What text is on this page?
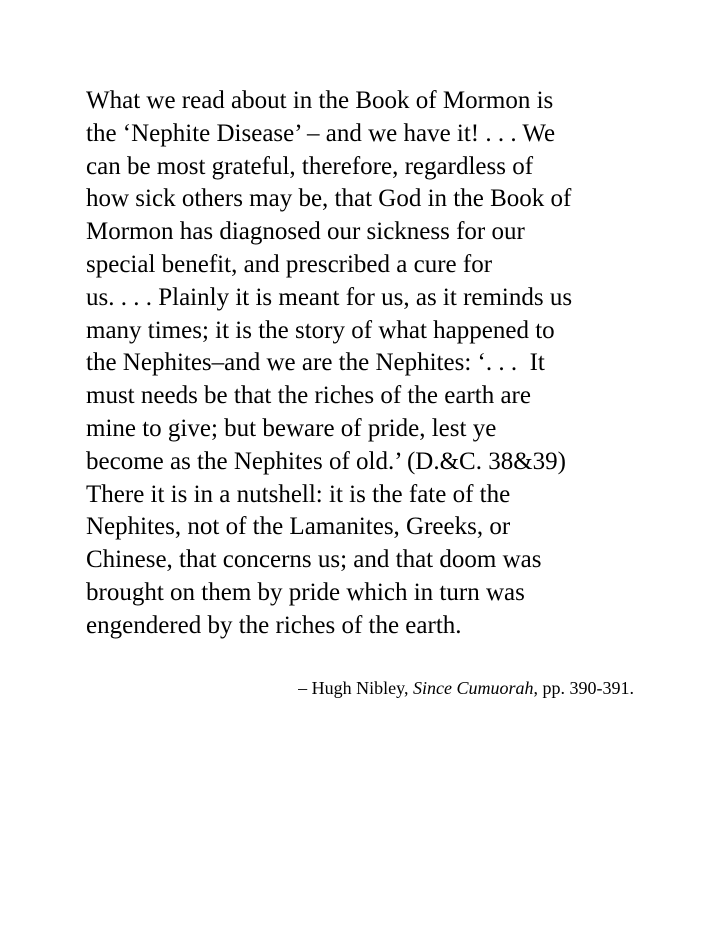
What we read about in the Book of Mormon is
the ‘Nephite Disease’ – and we have it! . . . We
can be most grateful, therefore, regardless of
how sick others may be, that God in the Book of
Mormon has diagnosed our sickness for our
special benefit, and prescribed a cure for
us. . . . Plainly it is meant for us, as it reminds us
many times; it is the story of what happened to
the Nephites–and we are the Nephites: ‘. . .  It
must needs be that the riches of the earth are
mine to give; but beware of pride, lest ye
become as the Nephites of old.’ (D.&C. 38&39)
There it is in a nutshell: it is the fate of the
Nephites, not of the Lamanites, Greeks, or
Chinese, that concerns us; and that doom was
brought on them by pride which in turn was
engendered by the riches of the earth.

– Hugh Nibley, Since Cumuorah, pp. 390-391.
